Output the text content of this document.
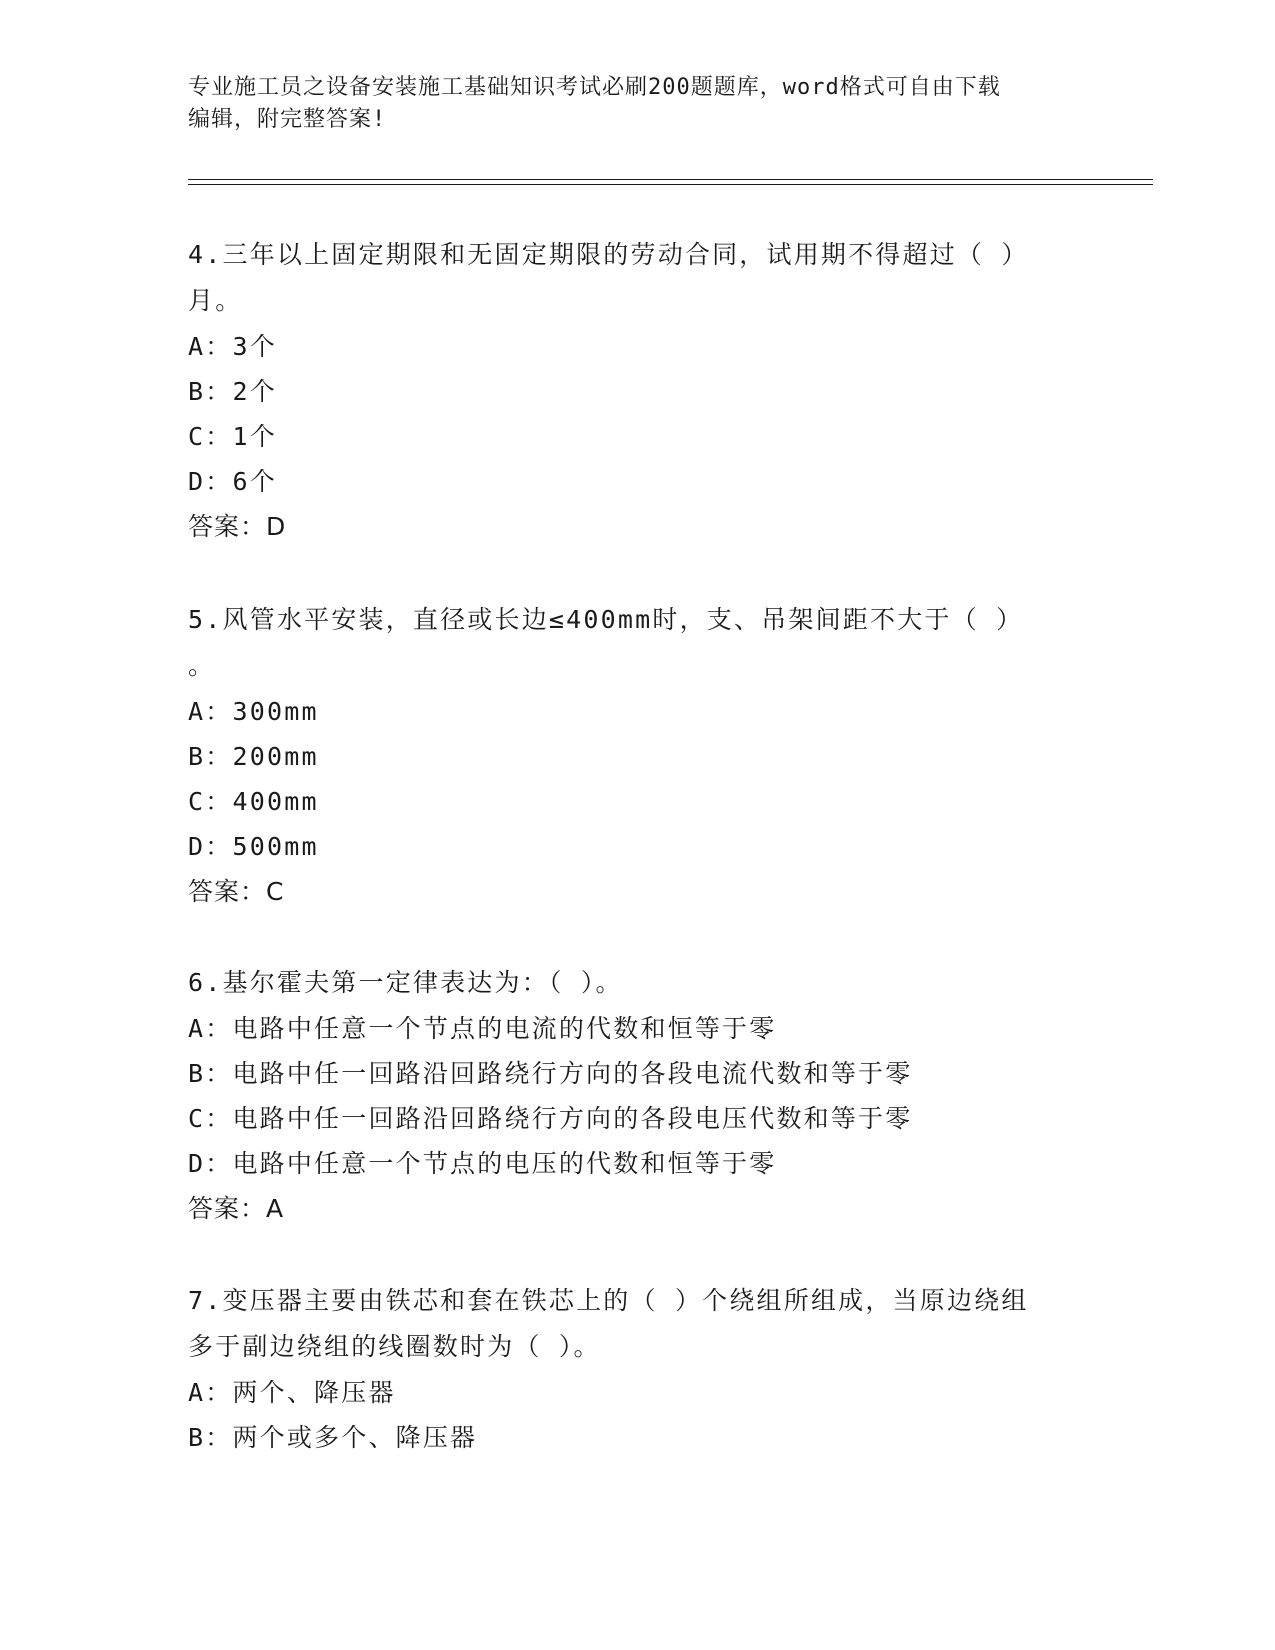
专业施工员之设备安装施工基础知识考试必刷200题题库，word格式可自由下载
编辑，附完整答案!

4.三年以上固定期限和无固定期限的劳动合同，试用期不得超过（ ）

月。

A：3个

B：2个

C：1个

D：6个

答案：D

5.风管水平安装，直径或长边≤400mm时，支、吊架间距不大于（ ）

。

A：300mm

B：200mm

C：400mm

D：500mm

答案：C

6.基尔霍夫第一定律表达为：（ ）。

A：电路中任意一个节点的电流的代数和恒等于零

B：电路中任一回路沿回路绕行方向的各段电流代数和等于零

C：电路中任一回路沿回路绕行方向的各段电压代数和等于零

D：电路中任意一个节点的电压的代数和恒等于零

答案：A

7.变压器主要由铁芯和套在铁芯上的（ ）个绕组所组成，当原边绕组

多于副边绕组的线圈数时为（ ）。

A：两个、降压器

B：两个或多个、降压器
